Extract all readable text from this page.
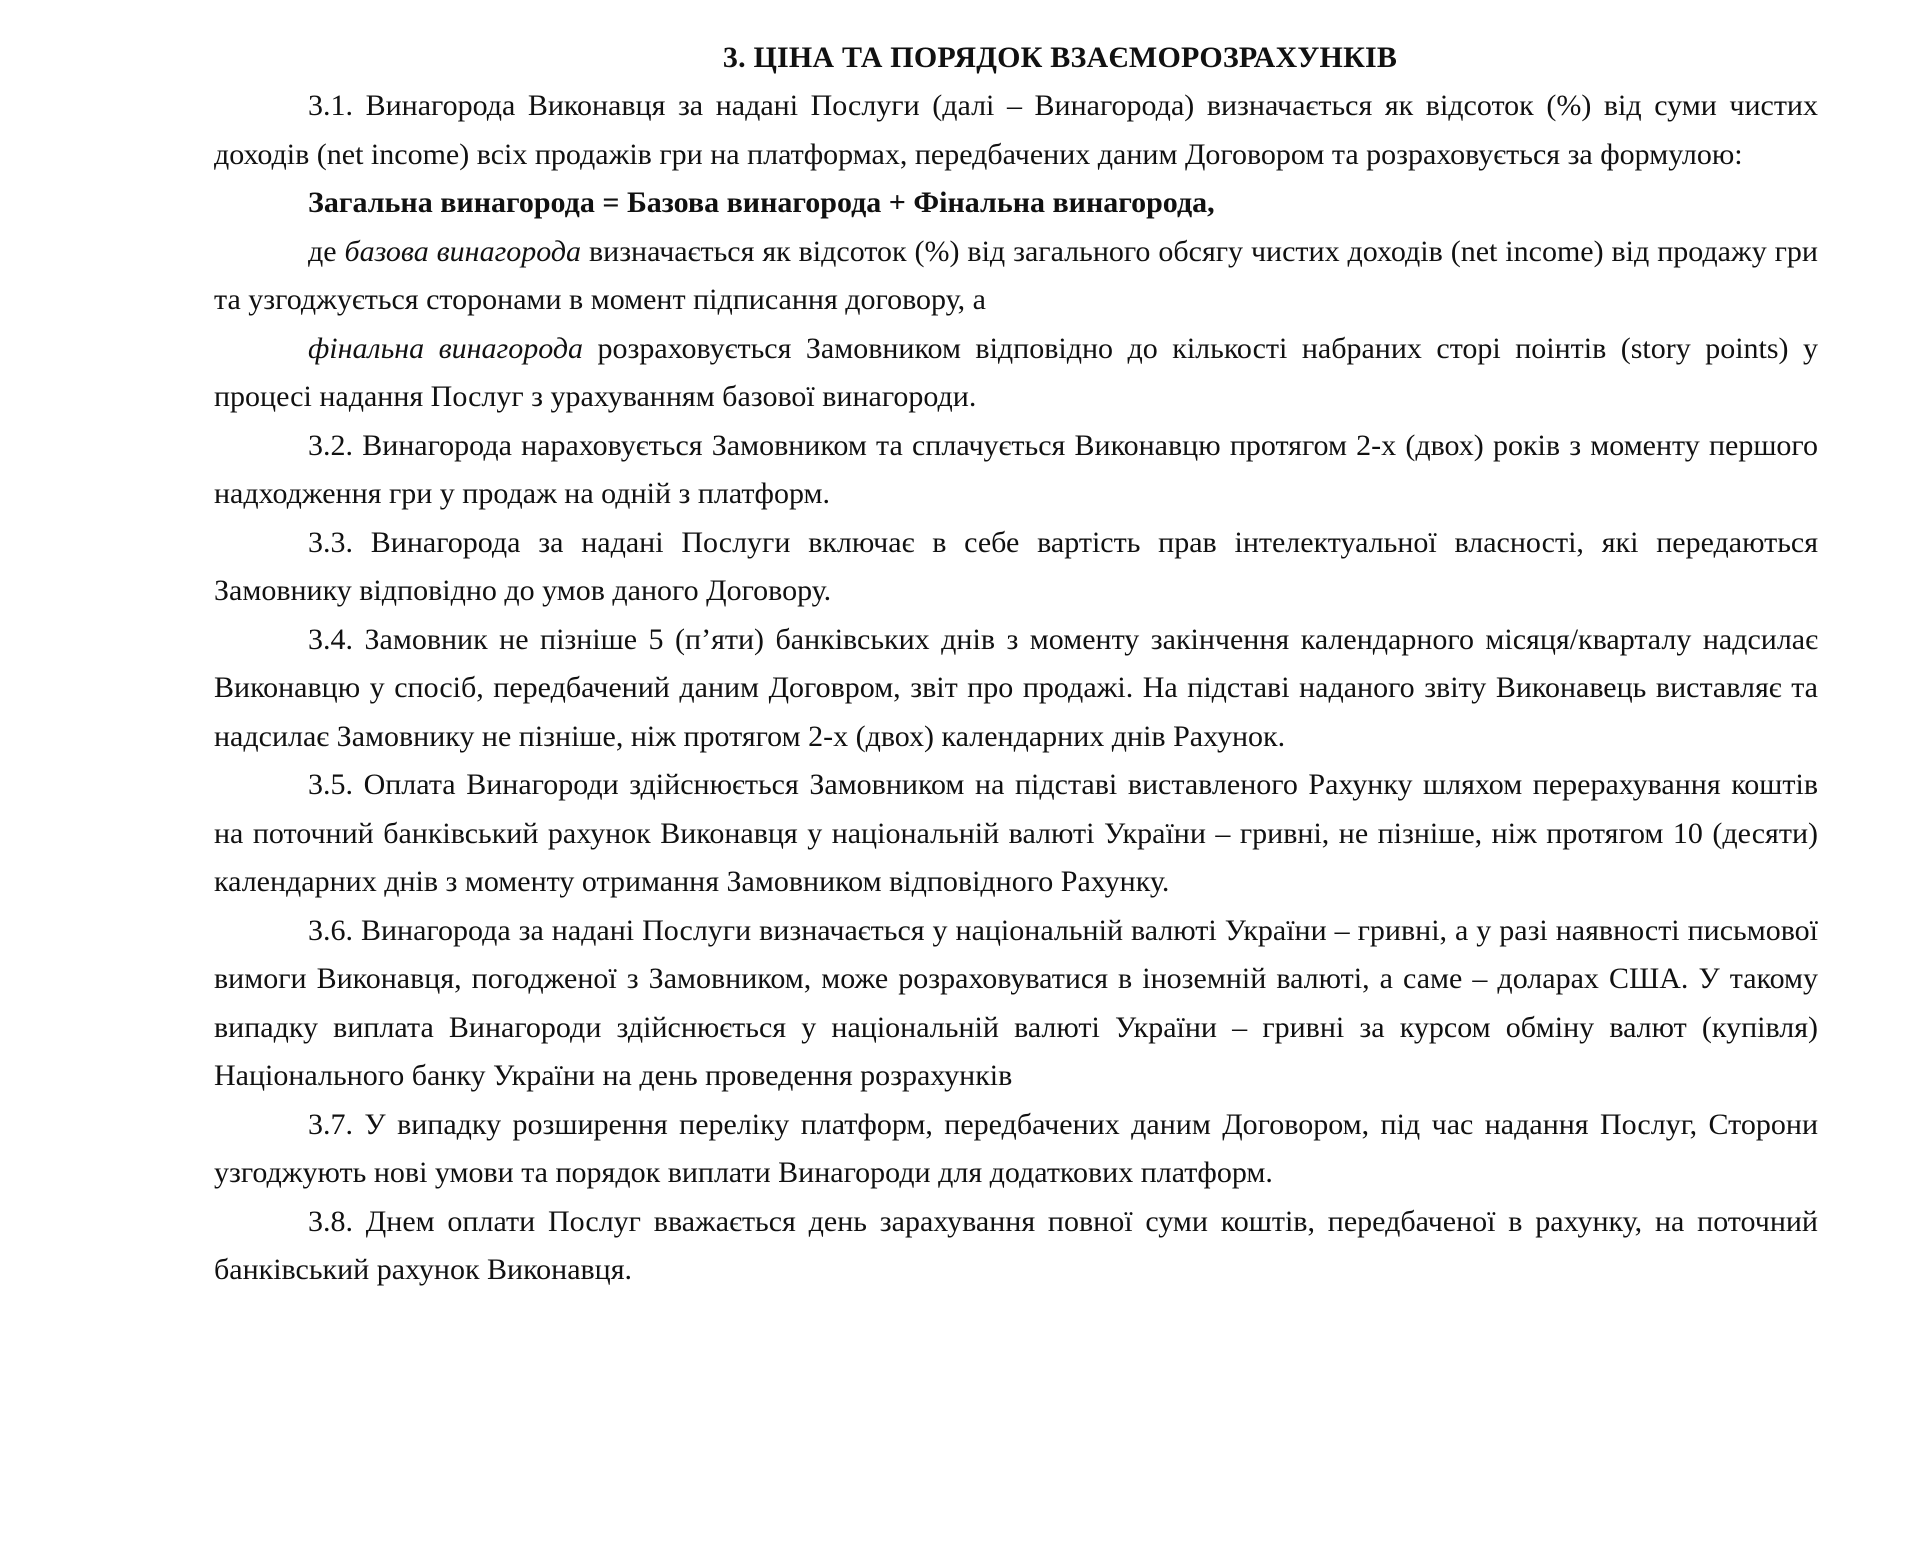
3. ЦІНА ТА ПОРЯДОК ВЗАЄМОРОЗРАХУНКІВ

3.1. Винагорода Виконавця за надані Послуги (далі – Винагорода) визначається як відсоток (%) від суми чистих доходів (net income) всіх продажів гри на платформах, передбачених даним Договором та розраховується за формулою:

Загальна винагорода = Базова винагорода + Фінальна винагорода,

де базова винагорода визначається як відсоток (%) від загального обсягу чистих доходів (net income) від продажу гри та узгоджується сторонами в момент підписання договору, а

фінальна винагорода розраховується Замовником відповідно до кількості набраних сторі поінтів (story points) у процесі надання Послуг з урахуванням базової винагороди.

3.2. Винагорода нараховується Замовником та сплачується Виконавцю протягом 2-х (двох) років з моменту першого надходження гри у продаж на одній з платформ.

3.3. Винагорода за надані Послуги включає в себе вартість прав інтелектуальної власності, які передаються Замовнику відповідно до умов даного Договору.

3.4. Замовник не пізніше 5 (п’яти) банківських днів з моменту закінчення календарного місяця/кварталу надсилає Виконавцю у спосіб, передбачений даним Договром, звіт про продажі. На підставі наданого звіту Виконавець виставляє та надсилає Замовнику не пізніше, ніж протягом 2-х (двох) календарних днів Рахунок.

3.5. Оплата Винагороди здійснюється Замовником на підставі виставленого Рахунку шляхом перерахування коштів на поточний банківський рахунок Виконавця у національній валюті України – гривні, не пізніше, ніж протягом 10 (десяти) календарних днів з моменту отримання Замовником відповідного Рахунку.

3.6. Винагорода за надані Послуги визначається у національній валюті України – гривні, а у разі наявності письмової вимоги Виконавця, погодженої з Замовником, може розраховуватися в іноземній валюті, а саме – доларах США. У такому випадку виплата Винагороди здійснюється у національній валюті України – гривні за курсом обміну валют (купівля) Національного банку України на день проведення розрахунків

3.7. У випадку розширення переліку платформ, передбачених даним Договором, під час надання Послуг, Сторони узгоджують нові умови та порядок виплати Винагороди для додаткових платформ.

3.8. Днем оплати Послуг вважається день зарахування повної суми коштів, передбаченої в рахунку, на поточний банківський рахунок Виконавця.
